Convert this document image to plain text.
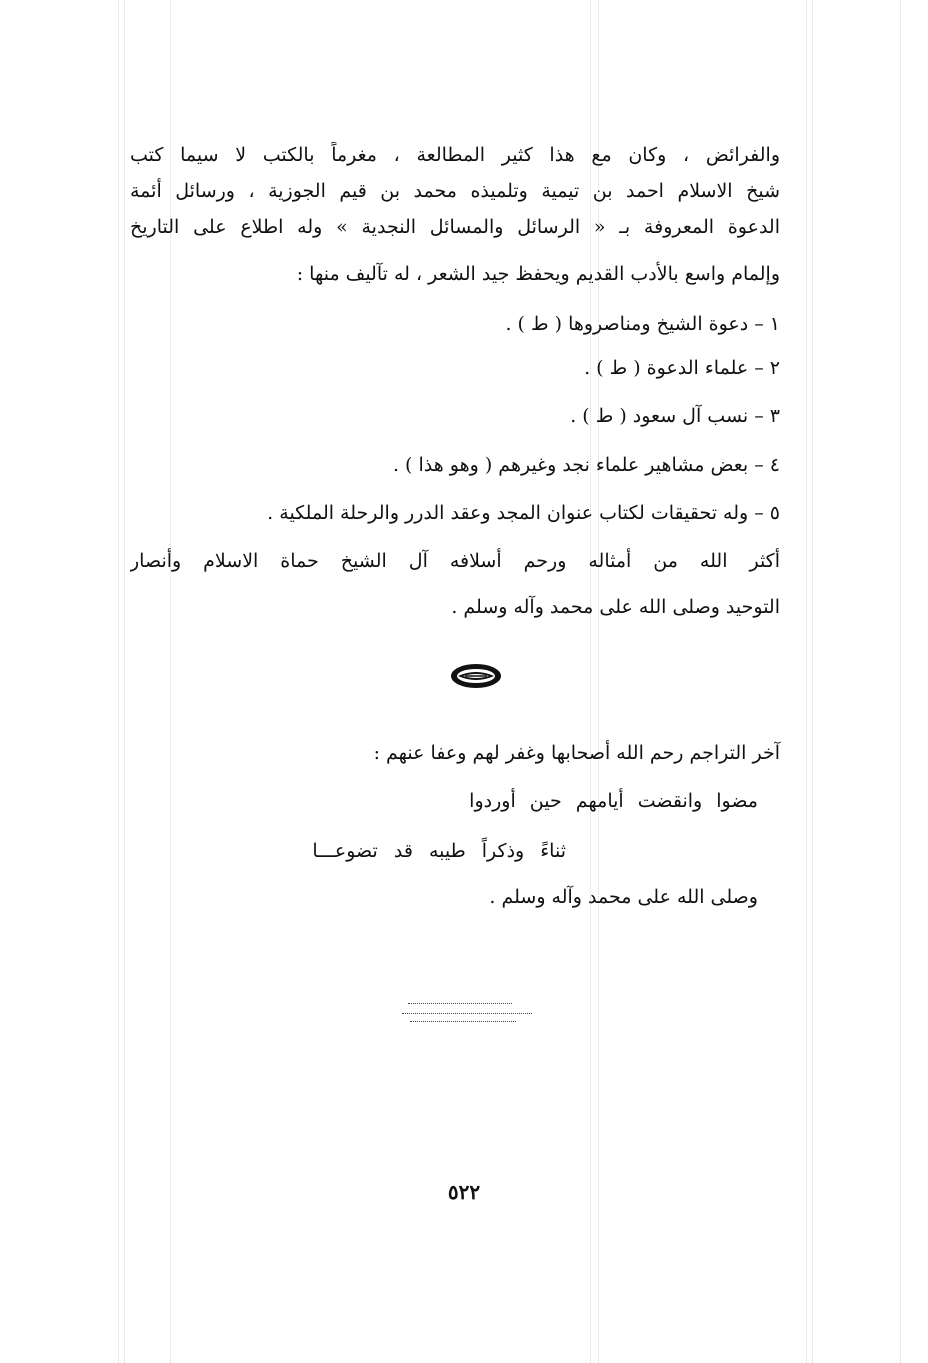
والفرائض ، وكان مع هذا كثير المطالعة ، مغرماً بالكتب لا سيما كتب
شيخ الاسلام احمد بن تيمية وتلميذه محمد بن قيم الجوزية ، ورسائل أئمة
الدعوة المعروفة بـ « الرسائل والمسائل النجدية » وله اطلاع على التاريخ
وإلمام واسع بالأدب القديم ويحفظ جيد الشعر ، له تآليف منها :
١ – دعوة الشيخ ومناصروها ( ط ) .
٢ – علماء الدعوة ( ط ) .
٣ – نسب آل سعود ( ط ) .
٤ – بعض مشاهير علماء نجد وغيرهم ( وهو هذا ) .
٥ – وله تحقيقات لكتاب عنوان المجد وعقد الدرر والرحلة الملكية .
أكثر الله من أمثاله ورحم أسلافه آل الشيخ حماة الاسلام وأنصار
التوحيد وصلى الله على محمد وآله وسلم .
آخر التراجم رحم الله أصحابها وغفر لهم وعفا عنهم :
مضوا وانقضت أيامهم حين أوردوا
ثناءً وذكراً طيبه قد تضوعـــا
وصلى الله على محمد وآله وسلم .
٥٢٢
